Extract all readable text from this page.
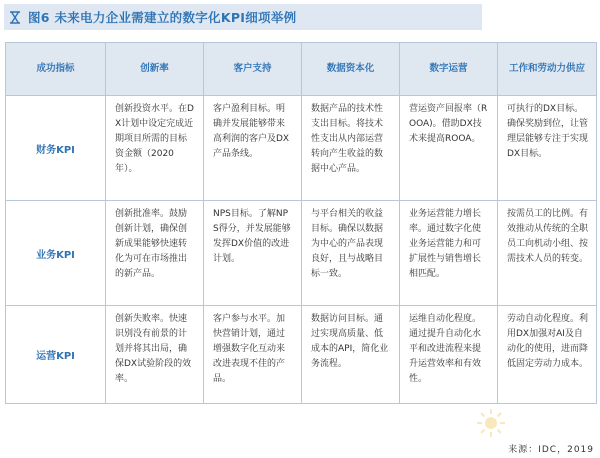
图6 未来电力企业需建立的数字化KPI细项举例
成功指标	创新率	客户支持	数据资本化	数字运营	工作和劳动力供应
财务KPI	创新投资水平。在DX计划中设定完成近期项目所需的目标资金额（2020年）。	客户盈利目标。明确并发展能够带来高利润的客户及DX产品条线。	数据产品的技术性支出目标。将技术性支出从内部运营转向产生收益的数据中心产品。	营运资产回报率（ROOA)。借助DX技术来提高ROOA。	可执行的DX目标。确保奖励到位，让管理层能够专注于实现DX目标。
业务KPI	创新批准率。鼓励创新计划，确保创新成果能够快速转化为可在市场推出的新产品。	NPS目标。了解NPS得分，并发展能够发挥DX价值的改进计划。	与平台相关的收益目标。确保以数据为中心的产品表现良好，且与战略目标一致。	业务运营能力增长率。通过数字化使业务运营能力和可扩展性与销售增长相匹配。	按需员工的比例。有效推动从传统的全职员工向机动小组、按需技术人员的转变。
运营KPI	创新失败率。快速识别没有前景的计划并将其出局，确保DX试验阶段的效率。	客户参与水平。加快营销计划，通过增强数字化互动来改进表现不佳的产品。	数据访问目标。通过实现高质量、低成本的API，简化业务流程。	运维自动化程度。通过提升自动化水平和改进流程来提升运营效率和有效性。	劳动自动化程度。利用DX加强对AI及自动化的使用，进而降低固定劳动力成本。
来源：IDC，2019
